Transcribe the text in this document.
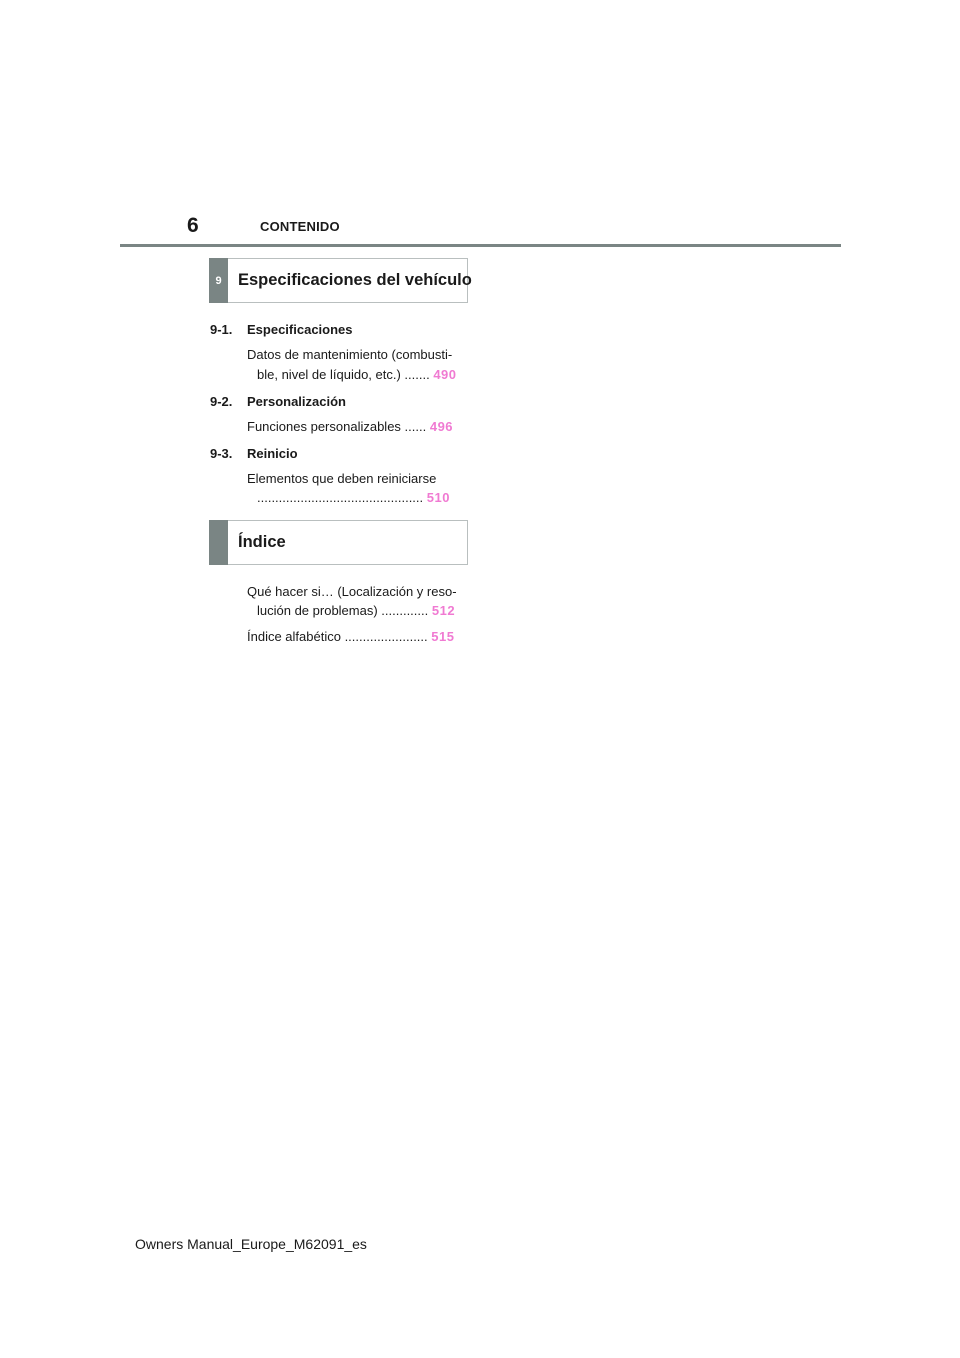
6	CONTENIDO
9 Especificaciones del vehículo
9-1. Especificaciones
Datos de mantenimiento (combusti-
ble, nivel de líquido, etc.) ....... 490
9-2. Personalización
Funciones personalizables ...... 496
9-3. Reinicio
Elementos que deben reiniciarse
.............................................. 510
Índice
Qué hacer si… (Localización y reso-
lución de problemas) ............. 512
Índice alfabético ....................... 515
Owners Manual_Europe_M62091_es
